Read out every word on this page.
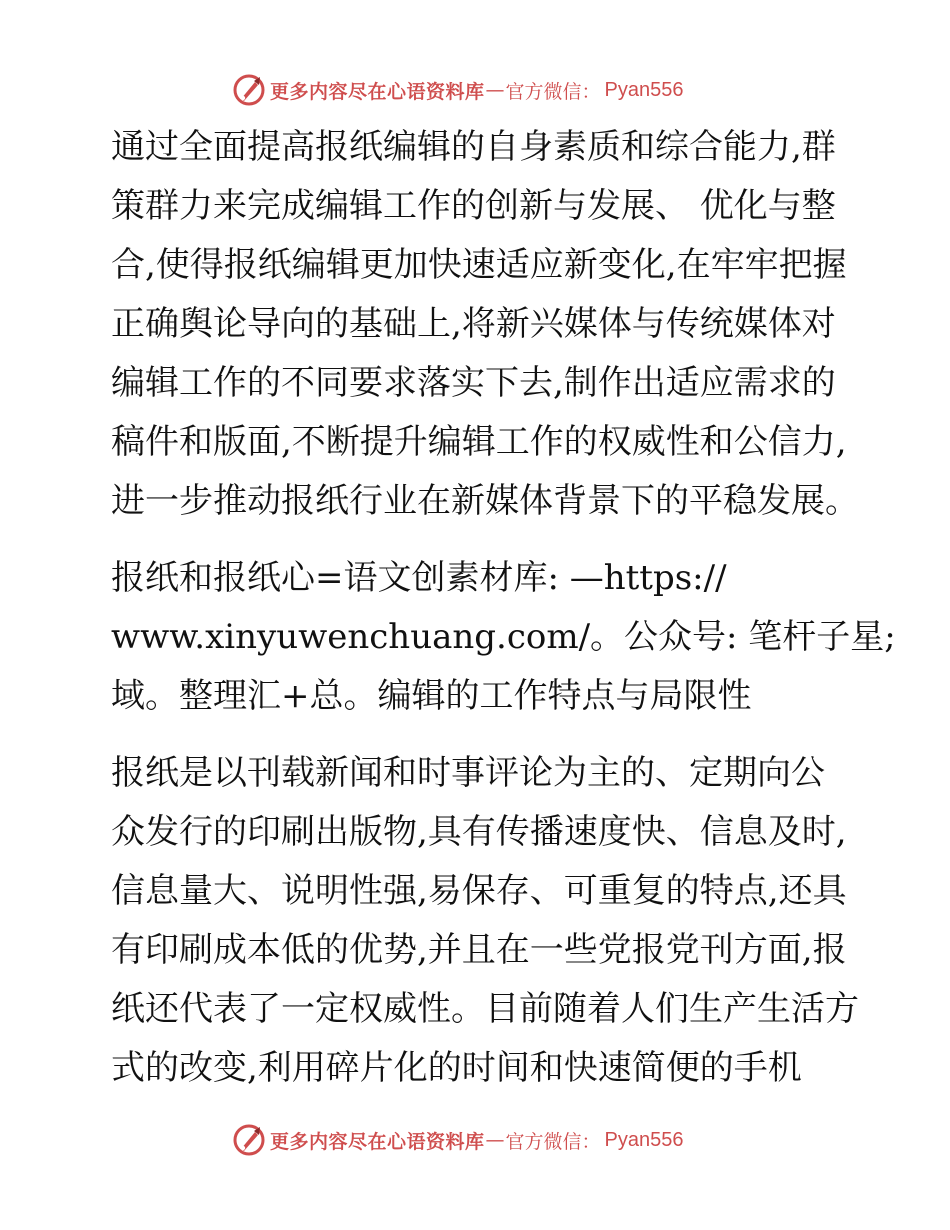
更多内容尽在心语资料库 — 官方微信： Pyan556
通过全面提高报纸编辑的自身素质和综合能力,群
策群力来完成编辑工作的创新与发展、 优化与整
合,使得报纸编辑更加快速适应新变化,在牢牢把握
正确舆论导向的基础上,将新兴媒体与传统媒体对
编辑工作的不同要求落实下去,制作出适应需求的
稿件和版面,不断提升编辑工作的权威性和公信力,
进一步推动报纸行业在新媒体背景下的平稳发展。
报纸和报纸心=语文创素材库: —https://
www.xinyuwenchuang.com/。公众号: 笔杆子星;
域。整理汇+总。编辑的工作特点与局限性
报纸是以刊载新闻和时事评论为主的、定期向公
众发行的印刷出版物,具有传播速度快、信息及时,
信息量大、说明性强,易保存、可重复的特点,还具
有印刷成本低的优势,并且在一些党报党刊方面,报
纸还代表了一定权威性。目前随着人们生产生活方
式的改变,利用碎片化的时间和快速简便的手机
更多内容尽在心语资料库 — 官方微信： Pyan556
